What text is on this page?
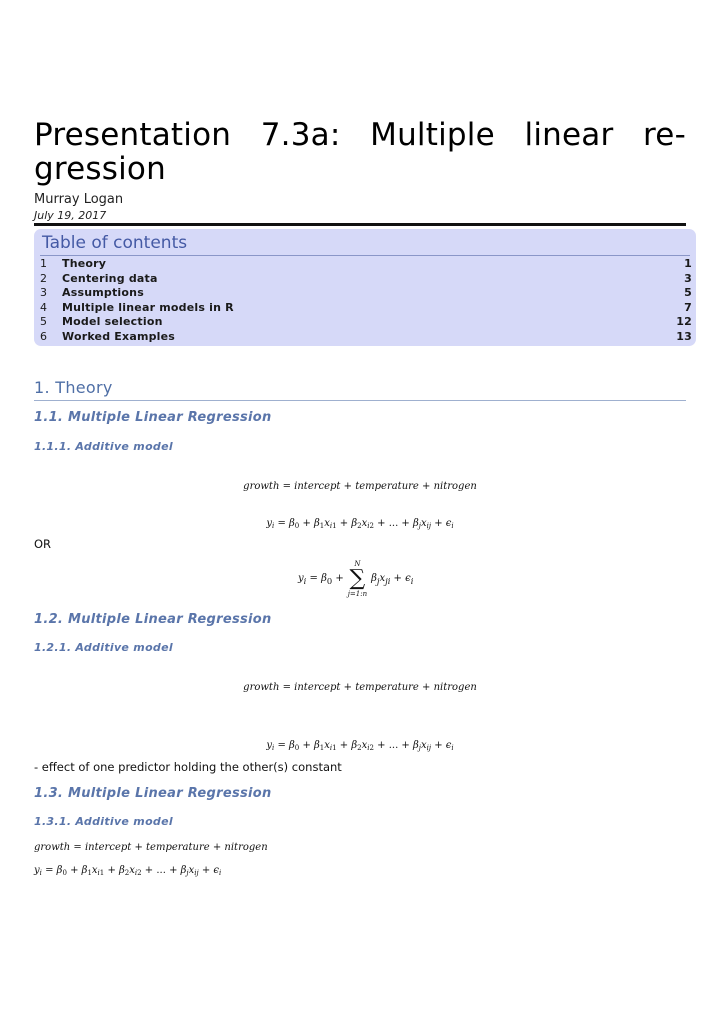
Presentation 7.3a: Multiple linear re-
gression
Murray Logan
July 19, 2017
Table of contents
1	Theory	1
2	Centering data	3
3	Assumptions	5
4	Multiple linear models in R	7
5	Model selection	12
6	Worked Examples	13
1. Theory
1.1. Multiple Linear Regression
1.1.1. Additive model
growth = intercept + temperature + nitrogen
$y_i = \beta_0 + \beta_1x_{i1} + \beta_2x_{i2}$ + ... + $\beta_jx_{ij} + \epsilon_i$
OR
$y_i = \beta_0$ +
N
∑
j=1:n
$\beta_jx_{ji} + \epsilon_i$
1.2. Multiple Linear Regression
1.2.1. Additive model
growth = intercept + temperature + nitrogen
$y_i = \beta_0 + \beta_1x_{i1} + \beta_2x_{i2}$ + ... + $\beta_jx_{ij} + \epsilon_i$
- effect of one predictor holding the other(s) constant
1.3. Multiple Linear Regression
1.3.1. Additive model
growth = intercept + temperature + nitrogen
$y_i = \beta_0 + \beta_1x_{i1} + \beta_2x_{i2}$ + ... + $\beta_jx_{ij} + \epsilon_i$
